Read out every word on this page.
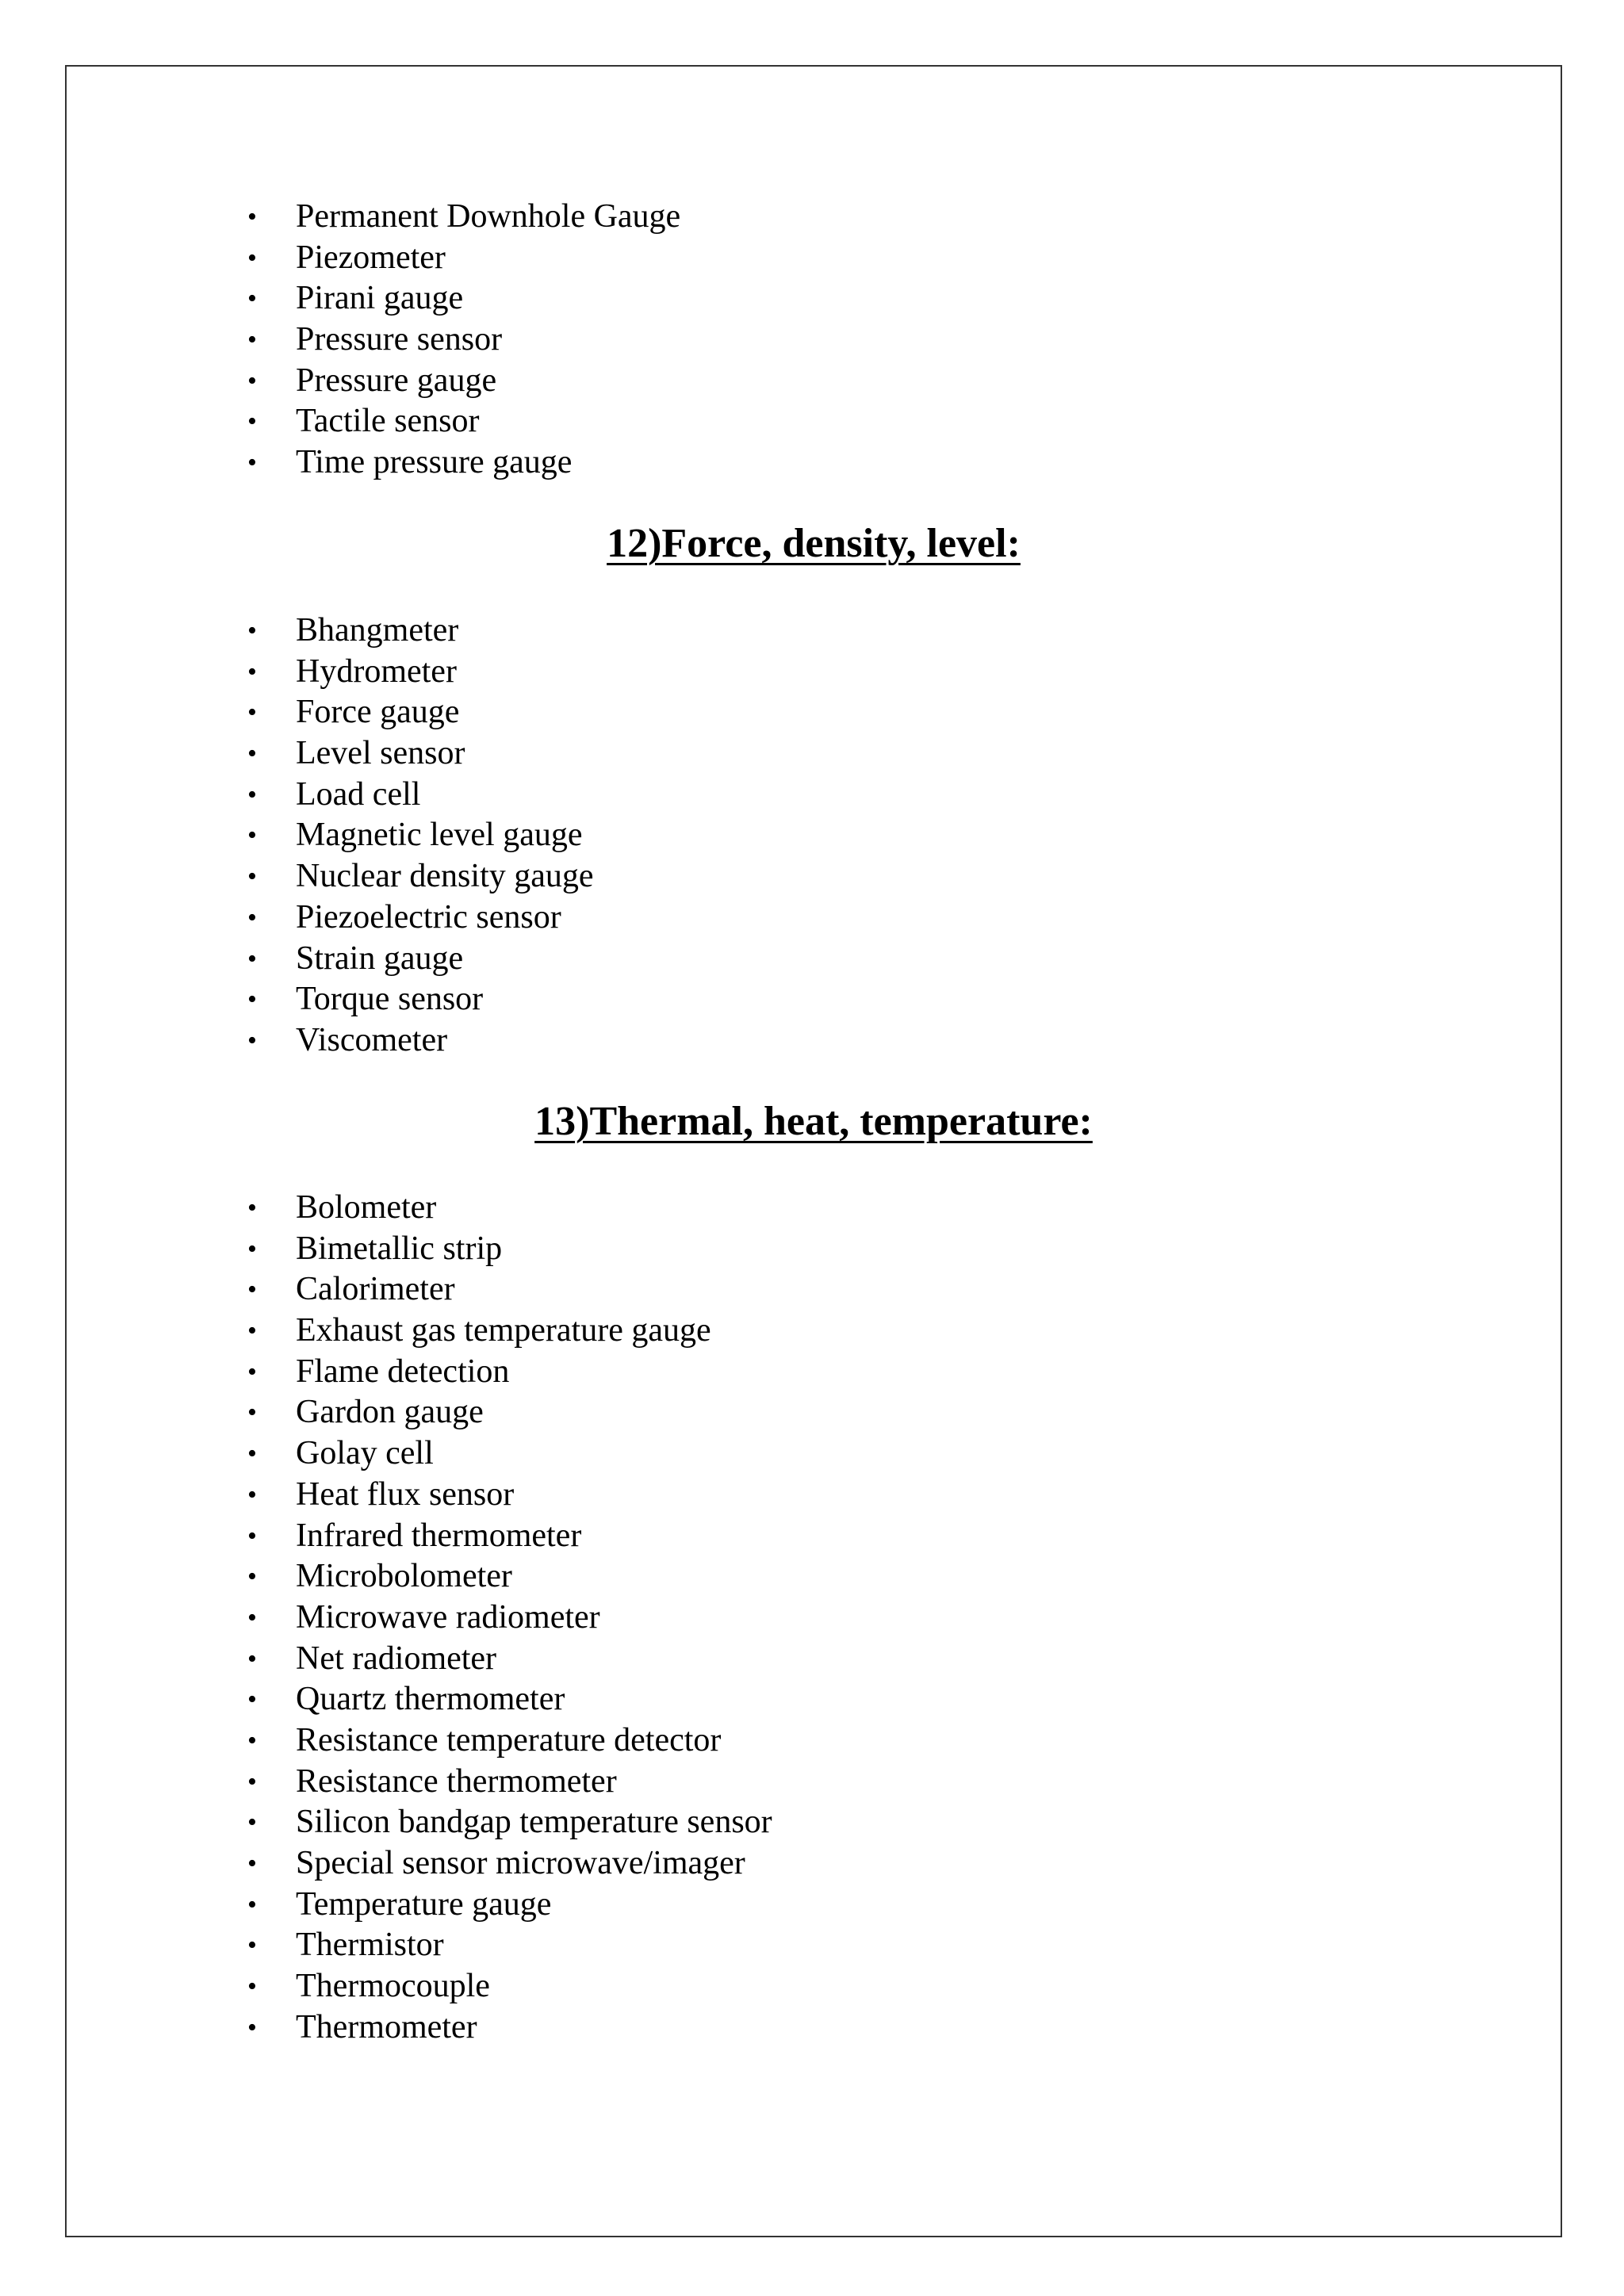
• Permanent Downhole Gauge
• Piezometer
• Pirani gauge
• Pressure sensor
• Pressure gauge
• Tactile sensor
• Time pressure gauge
12)Force, density, level:
• Bhangmeter
• Hydrometer
• Force gauge
• Level sensor
• Load cell
• Magnetic level gauge
• Nuclear density gauge
• Piezoelectric sensor
• Strain gauge
• Torque sensor
• Viscometer
13)Thermal, heat, temperature:
• Bolometer
• Bimetallic strip
• Calorimeter
• Exhaust gas temperature gauge
• Flame detection
• Gardon gauge
• Golay cell
• Heat flux sensor
• Infrared thermometer
• Microbolometer
• Microwave radiometer
• Net radiometer
• Quartz thermometer
• Resistance temperature detector
• Resistance thermometer
• Silicon bandgap temperature sensor
• Special sensor microwave/imager
• Temperature gauge
• Thermistor
• Thermocouple
• Thermometer
